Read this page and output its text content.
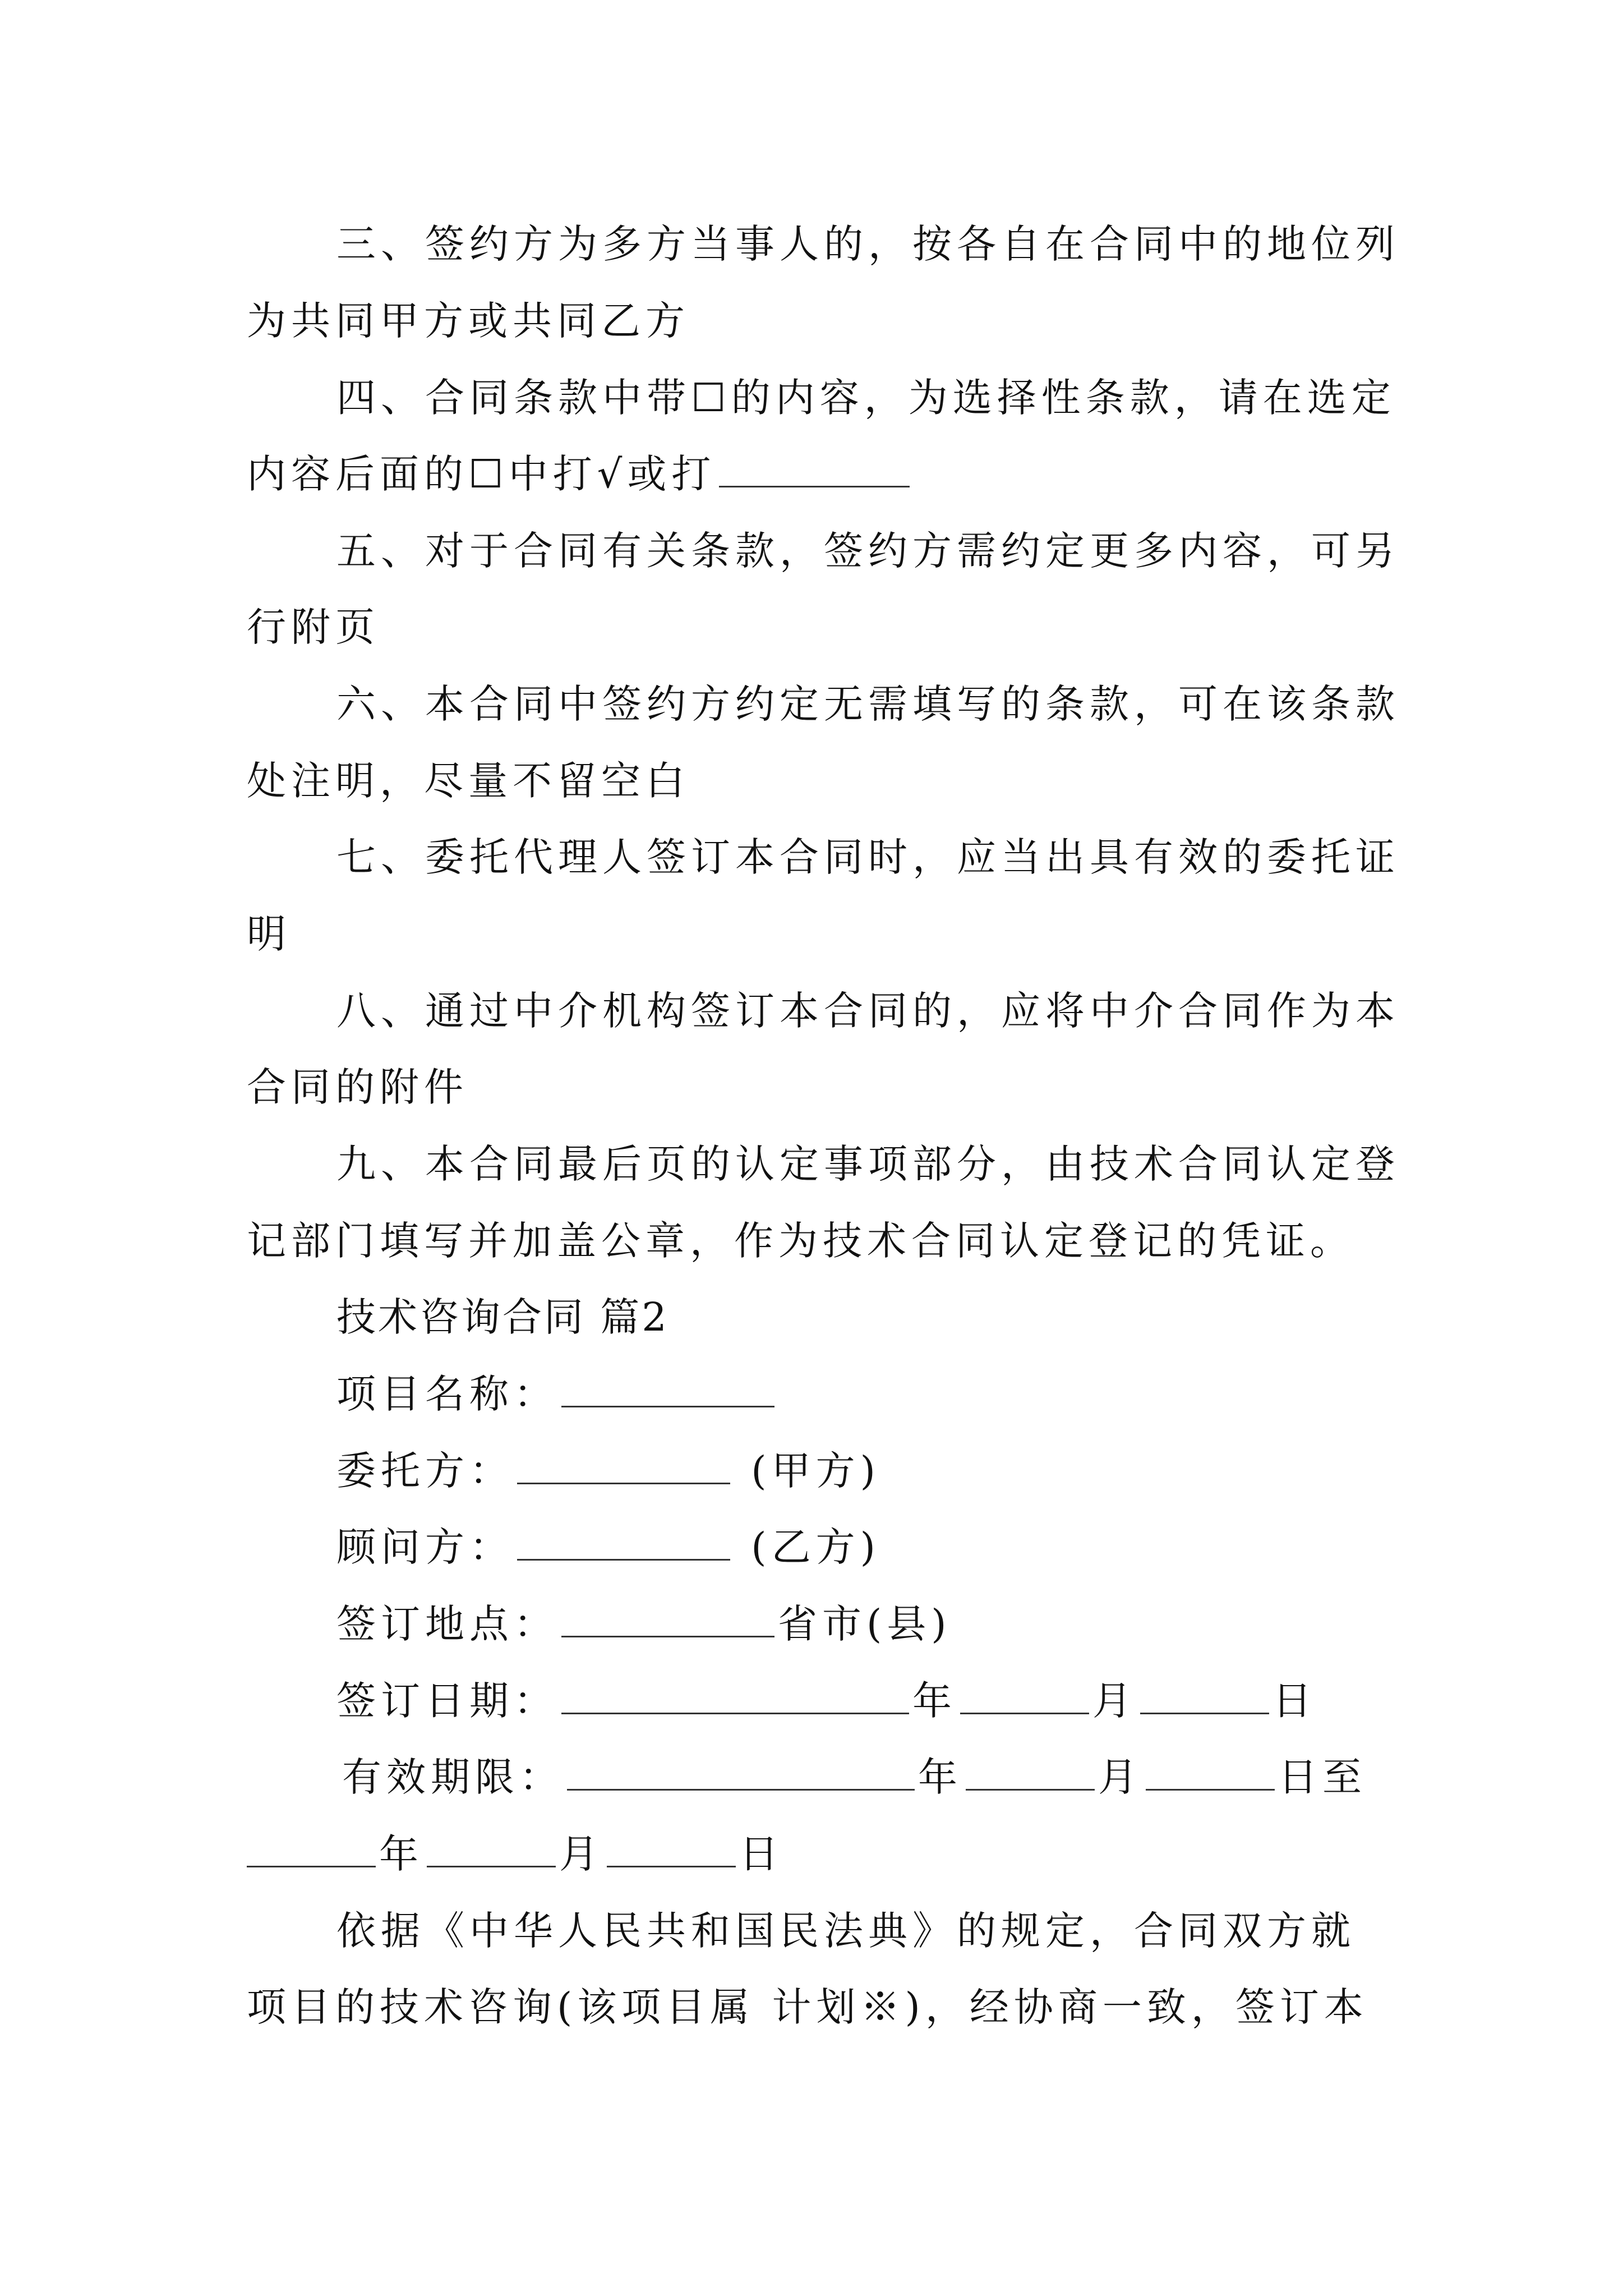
三、签约方为多方当事人的，按各自在合同中的地位列
为共同甲方或共同乙方
四、合同条款中带☐的内容，为选择性条款，请在选定
内容后面的☐中打√或打
五、对于合同有关条款，签约方需约定更多内容，可另
行附页
六、本合同中签约方约定无需填写的条款，可在该条款
处注明，尽量不留空白
七、委托代理人签订本合同时，应当出具有效的委托证
明
八、通过中介机构签订本合同的，应将中介合同作为本
合同的附件
九、本合同最后页的认定事项部分，由技术合同认定登
记部门填写并加盖公章，作为技术合同认定登记的凭证。
技术咨询合同 篇2
项目名称：
委托方：	(甲方)
顾问方：	(乙方)
签订地点：	省市(县)
签订日期：	年	月	日
有效期限：	年	月	日至
年	月	日
依据《中华人民共和国民法典》的规定，合同双方就
项目的技术咨询(该项目属 计划※)，经协商一致，签订本
